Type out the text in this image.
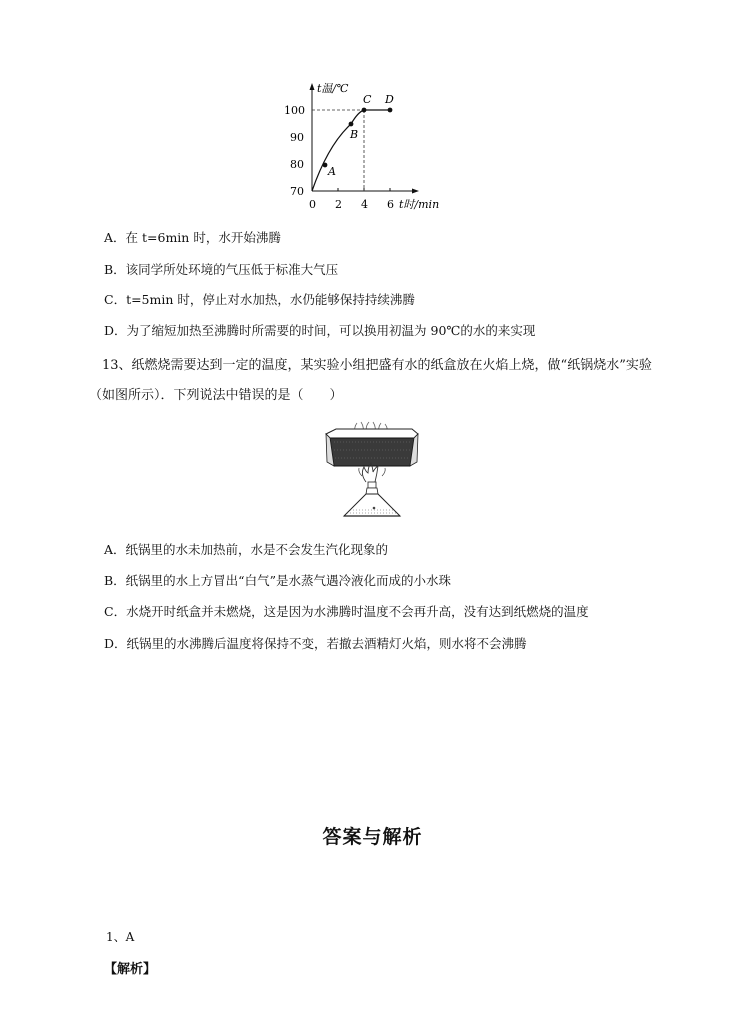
70
80
90
100
0 2 4 6
t温/℃
t时/min
A
B
C D
A．在 t=6min 时，水开始沸腾
B．该同学所处环境的气压低于标准大气压
C．t=5min 时，停止对水加热，水仍能够保持持续沸腾
D．为了缩短加热至沸腾时所需要的时间，可以换用初温为 90℃的水的来实现
13、纸燃烧需要达到一定的温度，某实验小组把盛有水的纸盒放在火焰上烧，做“纸锅烧水”实验（如图所示）．下列说法中错误的是（　　）
A．纸锅里的水未加热前，水是不会发生汽化现象的
B．纸锅里的水上方冒出“白气”是水蒸气遇冷液化而成的小水珠
C．水烧开时纸盒并未燃烧，这是因为水沸腾时温度不会再升高，没有达到纸燃烧的温度
D．纸锅里的水沸腾后温度将保持不变，若撤去酒精灯火焰，则水将不会沸腾
答案与解析
1、A
【解析】
